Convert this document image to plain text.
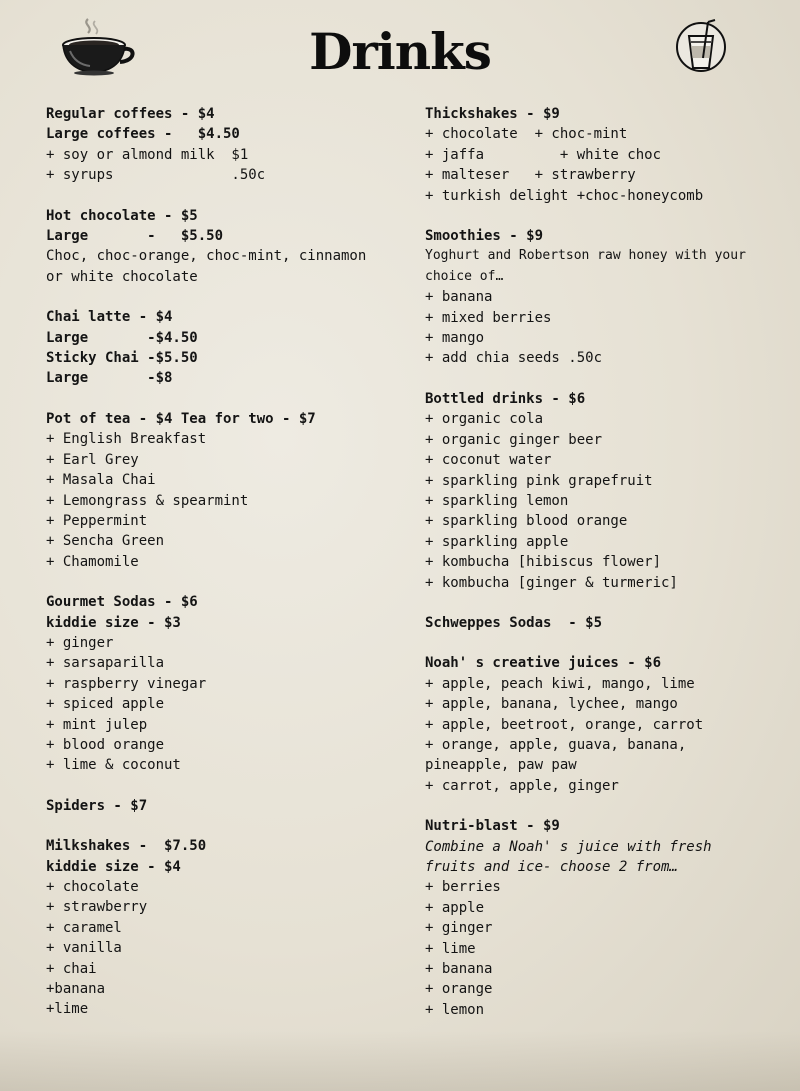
Drinks
Regular coffees - $4
Large coffees -   $4.50
+ soy or almond milk  $1
+ syrups              .50c
Hot chocolate - $5
Large       -   $5.50
Choc, choc-orange, choc-mint, cinnamon
or white chocolate
Chai latte - $4
Large       -$4.50
Sticky Chai -$5.50
Large       -$8
Pot of tea - $4 Tea for two - $7
+ English Breakfast
+ Earl Grey
+ Masala Chai
+ Lemongrass & spearmint
+ Peppermint
+ Sencha Green
+ Chamomile
Gourmet Sodas - $6
kiddie size - $3
+ ginger
+ sarsaparilla
+ raspberry vinegar
+ spiced apple
+ mint julep
+ blood orange
+ lime & coconut
Spiders - $7
Milkshakes -  $7.50
kiddie size - $4
+ chocolate
+ strawberry
+ caramel
+ vanilla
+ chai
+banana
+lime
Thickshakes - $9
+ chocolate  + choc-mint
+ jaffa         + white choc
+ malteser   + strawberry
+ turkish delight +choc-honeycomb
Smoothies - $9
Yoghurt and Robertson raw honey with your
choice of…
+ banana
+ mixed berries
+ mango
+ add chia seeds .50c
Bottled drinks - $6
+ organic cola
+ organic ginger beer
+ coconut water
+ sparkling pink grapefruit
+ sparkling lemon
+ sparkling blood orange
+ sparkling apple
+ kombucha [hibiscus flower]
+ kombucha [ginger & turmeric]
Schweppes Sodas  - $5
Noah' s creative juices - $6
+ apple, peach kiwi, mango, lime
+ apple, banana, lychee, mango
+ apple, beetroot, orange, carrot
+ orange, apple, guava, banana,
pineapple, paw paw
+ carrot, apple, ginger
Nutri-blast - $9
Combine a Noah' s juice with fresh
fruits and ice- choose 2 from…
+ berries
+ apple
+ ginger
+ lime
+ banana
+ orange
+ lemon
